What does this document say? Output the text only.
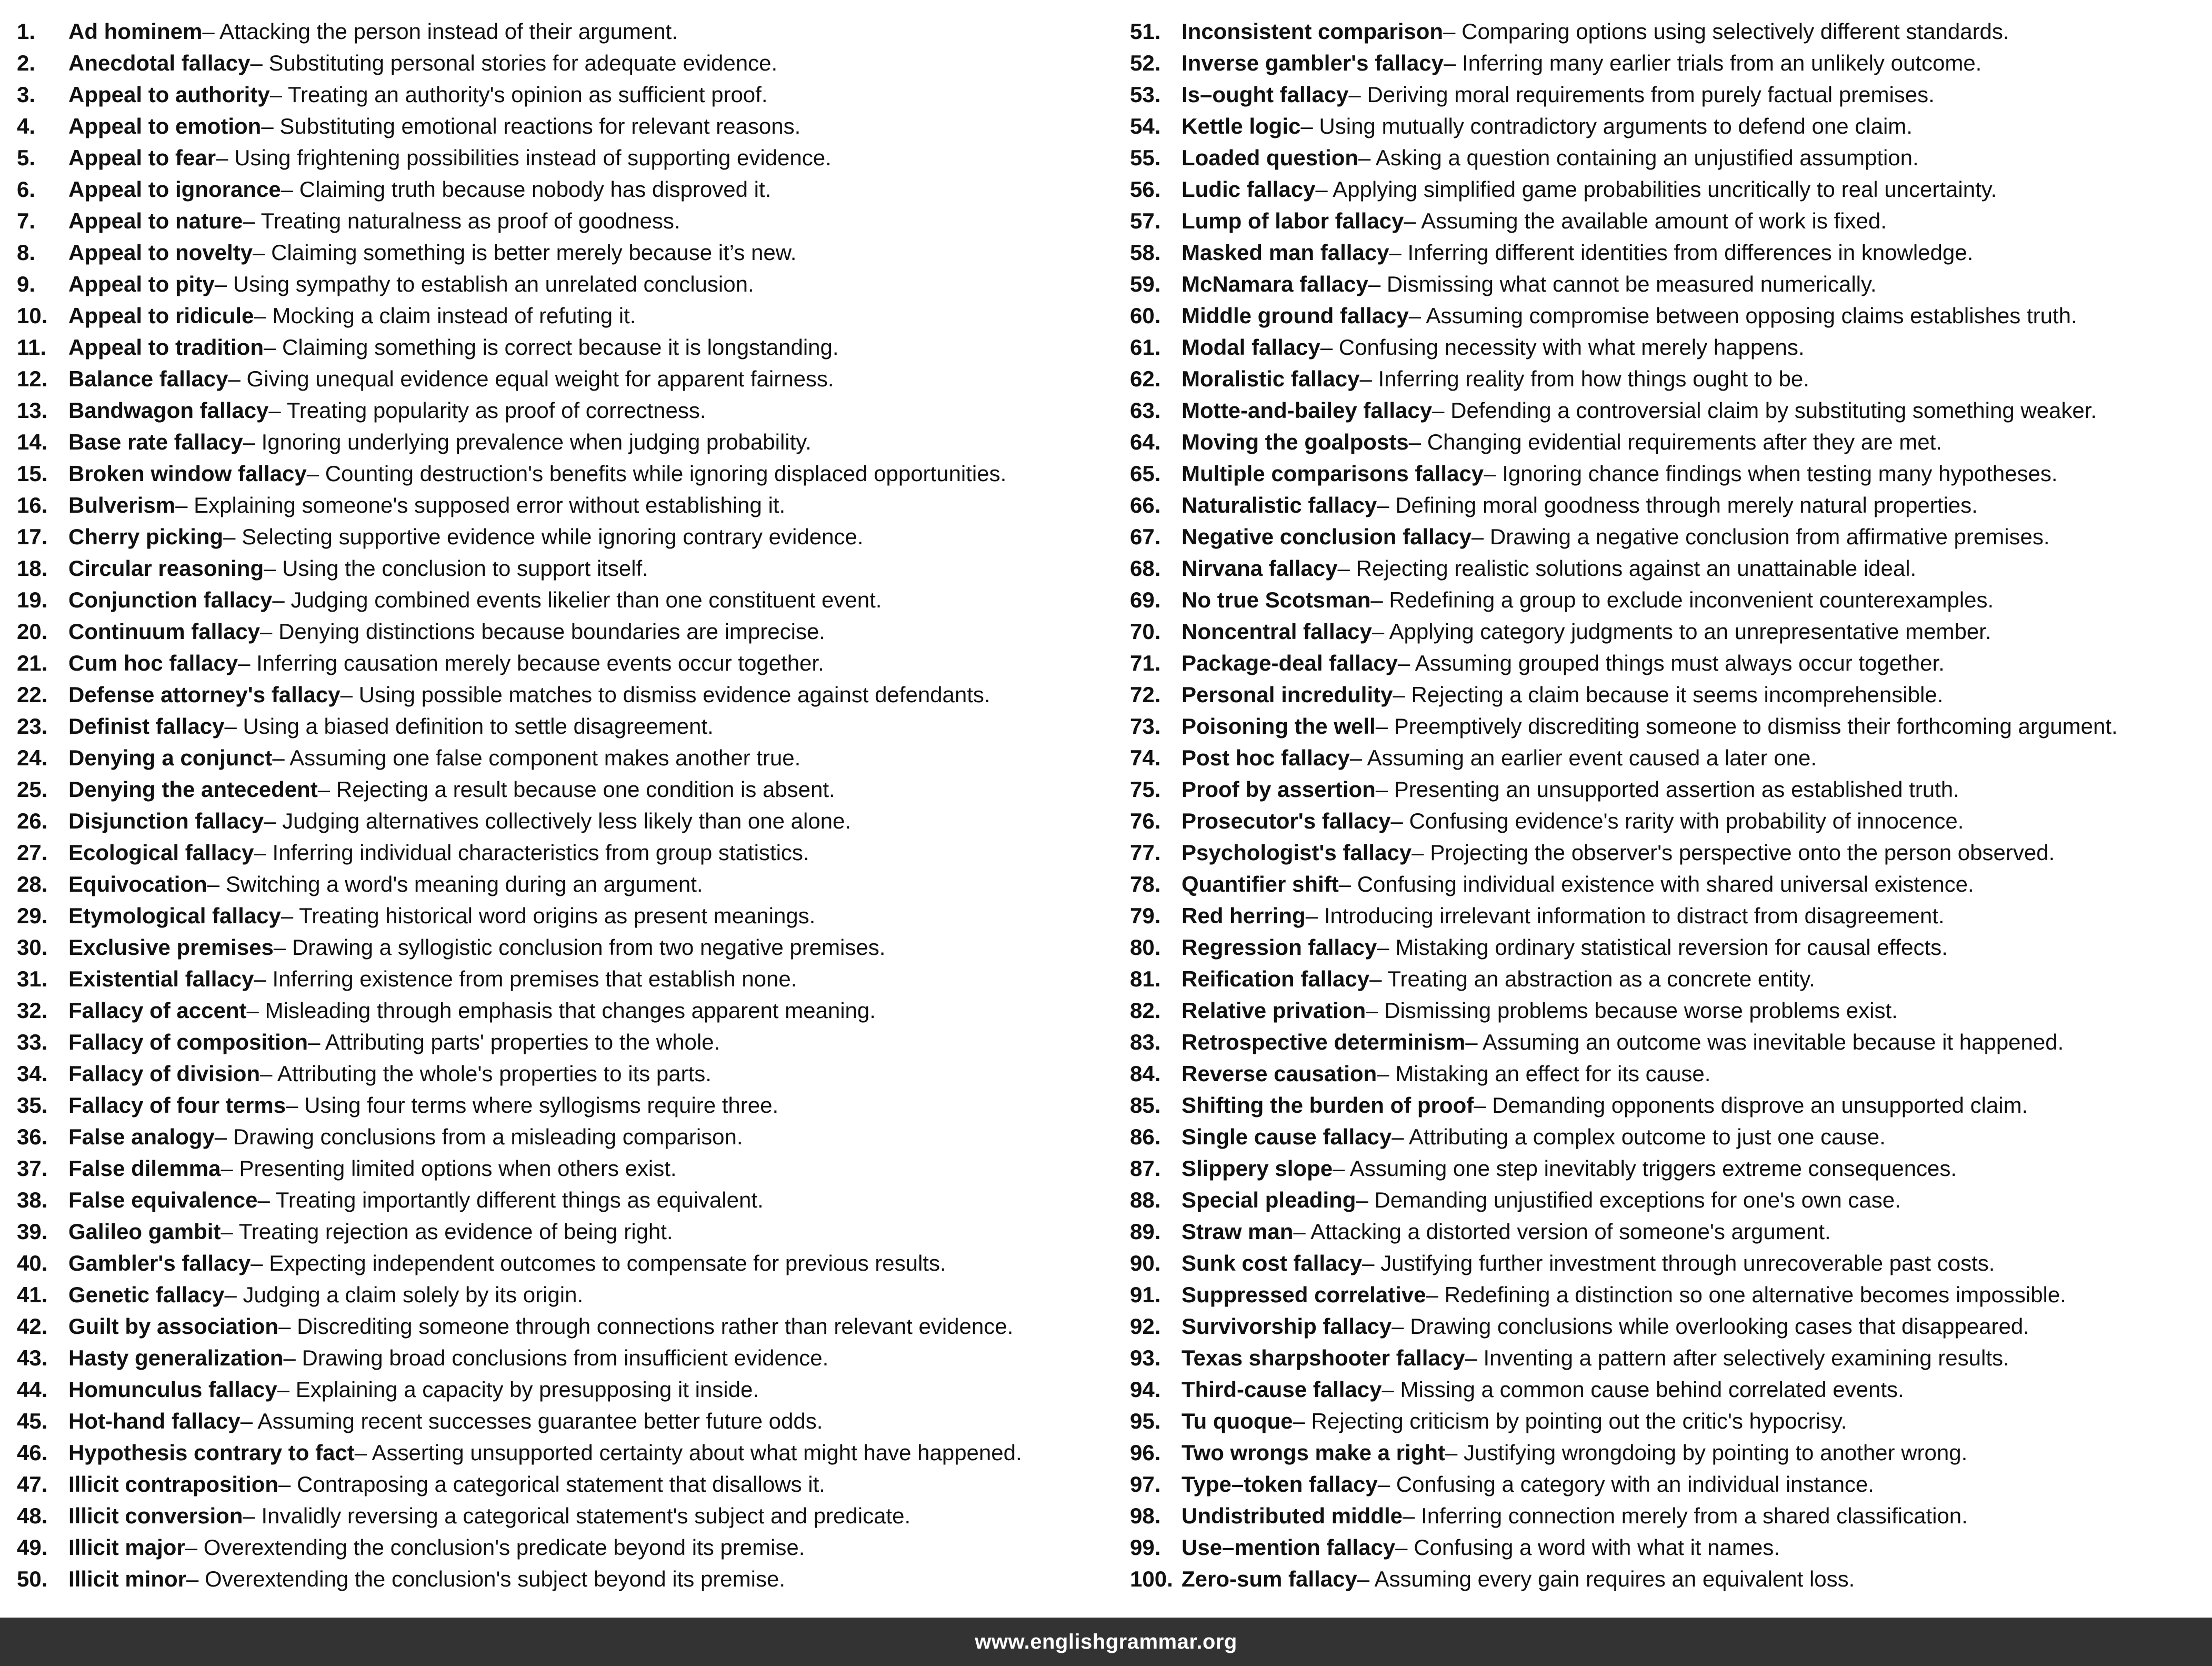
1.	Ad hominem – Attacking the person instead of their argument.
2.	Anecdotal fallacy – Substituting personal stories for adequate evidence.
3.	Appeal to authority – Treating an authority's opinion as sufficient proof.
4.	Appeal to emotion – Substituting emotional reactions for relevant reasons.
5.	Appeal to fear – Using frightening possibilities instead of supporting evidence.
6.	Appeal to ignorance – Claiming truth because nobody has disproved it.
7.	Appeal to nature – Treating naturalness as proof of goodness.
8.	Appeal to novelty – Claiming something is better merely because it’s new.
9.	Appeal to pity – Using sympathy to establish an unrelated conclusion.
10. Appeal to ridicule – Mocking a claim instead of refuting it.
11. Appeal to tradition – Claiming something is correct because it is longstanding.
12. Balance fallacy – Giving unequal evidence equal weight for apparent fairness.
13. Bandwagon fallacy – Treating popularity as proof of correctness.
14. Base rate fallacy – Ignoring underlying prevalence when judging probability.
15. Broken window fallacy – Counting destruction's benefits while ignoring displaced opportunities.
16. Bulverism – Explaining someone's supposed error without establishing it.
17. Cherry picking – Selecting supportive evidence while ignoring contrary evidence.
18. Circular reasoning – Using the conclusion to support itself.
19. Conjunction fallacy – Judging combined events likelier than one constituent event.
20. Continuum fallacy – Denying distinctions because boundaries are imprecise.
21. Cum hoc fallacy – Inferring causation merely because events occur together.
22. Defense attorney's fallacy – Using possible matches to dismiss evidence against defendants.
23. Definist fallacy – Using a biased definition to settle disagreement.
24. Denying a conjunct – Assuming one false component makes another true.
25. Denying the antecedent – Rejecting a result because one condition is absent.
26. Disjunction fallacy – Judging alternatives collectively less likely than one alone.
27. Ecological fallacy – Inferring individual characteristics from group statistics.
28. Equivocation – Switching a word's meaning during an argument.
29. Etymological fallacy – Treating historical word origins as present meanings.
30. Exclusive premises – Drawing a syllogistic conclusion from two negative premises.
31. Existential fallacy – Inferring existence from premises that establish none.
32. Fallacy of accent – Misleading through emphasis that changes apparent meaning.
33. Fallacy of composition – Attributing parts' properties to the whole.
34. Fallacy of division – Attributing the whole's properties to its parts.
35. Fallacy of four terms – Using four terms where syllogisms require three.
36. False analogy – Drawing conclusions from a misleading comparison.
37. False dilemma – Presenting limited options when others exist.
38. False equivalence – Treating importantly different things as equivalent.
39. Galileo gambit – Treating rejection as evidence of being right.
40. Gambler's fallacy – Expecting independent outcomes to compensate for previous results.
41. Genetic fallacy – Judging a claim solely by its origin.
42. Guilt by association – Discrediting someone through connections rather than relevant evidence.
43. Hasty generalization – Drawing broad conclusions from insufficient evidence.
44. Homunculus fallacy – Explaining a capacity by presupposing it inside.
45. Hot-hand fallacy – Assuming recent successes guarantee better future odds.
46. Hypothesis contrary to fact – Asserting unsupported certainty about what might have happened.
47. Illicit contraposition – Contraposing a categorical statement that disallows it.
48. Illicit conversion – Invalidly reversing a categorical statement's subject and predicate.
49. Illicit major – Overextending the conclusion's predicate beyond its premise.
50. Illicit minor – Overextending the conclusion's subject beyond its premise.
51. Inconsistent comparison – Comparing options using selectively different standards.
52. Inverse gambler's fallacy – Inferring many earlier trials from an unlikely outcome.
53. Is–ought fallacy – Deriving moral requirements from purely factual premises.
54. Kettle logic – Using mutually contradictory arguments to defend one claim.
55. Loaded question – Asking a question containing an unjustified assumption.
56. Ludic fallacy – Applying simplified game probabilities uncritically to real uncertainty.
57. Lump of labor fallacy – Assuming the available amount of work is fixed.
58. Masked man fallacy – Inferring different identities from differences in knowledge.
59. McNamara fallacy – Dismissing what cannot be measured numerically.
60. Middle ground fallacy – Assuming compromise between opposing claims establishes truth.
61. Modal fallacy – Confusing necessity with what merely happens.
62. Moralistic fallacy – Inferring reality from how things ought to be.
63. Motte-and-bailey fallacy – Defending a controversial claim by substituting something weaker.
64. Moving the goalposts – Changing evidential requirements after they are met.
65. Multiple comparisons fallacy – Ignoring chance findings when testing many hypotheses.
66. Naturalistic fallacy – Defining moral goodness through merely natural properties.
67. Negative conclusion fallacy – Drawing a negative conclusion from affirmative premises.
68. Nirvana fallacy – Rejecting realistic solutions against an unattainable ideal.
69. No true Scotsman – Redefining a group to exclude inconvenient counterexamples.
70. Noncentral fallacy – Applying category judgments to an unrepresentative member.
71. Package-deal fallacy – Assuming grouped things must always occur together.
72. Personal incredulity – Rejecting a claim because it seems incomprehensible.
73. Poisoning the well – Preemptively discrediting someone to dismiss their forthcoming argument.
74. Post hoc fallacy – Assuming an earlier event caused a later one.
75. Proof by assertion – Presenting an unsupported assertion as established truth.
76. Prosecutor's fallacy – Confusing evidence's rarity with probability of innocence.
77. Psychologist's fallacy – Projecting the observer's perspective onto the person observed.
78. Quantifier shift – Confusing individual existence with shared universal existence.
79. Red herring – Introducing irrelevant information to distract from disagreement.
80. Regression fallacy – Mistaking ordinary statistical reversion for causal effects.
81. Reification fallacy – Treating an abstraction as a concrete entity.
82. Relative privation – Dismissing problems because worse problems exist.
83. Retrospective determinism – Assuming an outcome was inevitable because it happened.
84. Reverse causation – Mistaking an effect for its cause.
85. Shifting the burden of proof – Demanding opponents disprove an unsupported claim.
86. Single cause fallacy – Attributing a complex outcome to just one cause.
87. Slippery slope – Assuming one step inevitably triggers extreme consequences.
88. Special pleading – Demanding unjustified exceptions for one's own case.
89. Straw man – Attacking a distorted version of someone's argument.
90. Sunk cost fallacy – Justifying further investment through unrecoverable past costs.
91. Suppressed correlative – Redefining a distinction so one alternative becomes impossible.
92. Survivorship fallacy – Drawing conclusions while overlooking cases that disappeared.
93. Texas sharpshooter fallacy – Inventing a pattern after selectively examining results.
94. Third-cause fallacy – Missing a common cause behind correlated events.
95. Tu quoque – Rejecting criticism by pointing out the critic's hypocrisy.
96. Two wrongs make a right – Justifying wrongdoing by pointing to another wrong.
97. Type–token fallacy – Confusing a category with an individual instance.
98. Undistributed middle – Inferring connection merely from a shared classification.
99. Use–mention fallacy – Confusing a word with what it names.
100. Zero-sum fallacy – Assuming every gain requires an equivalent loss.
www.englishgrammar.org
